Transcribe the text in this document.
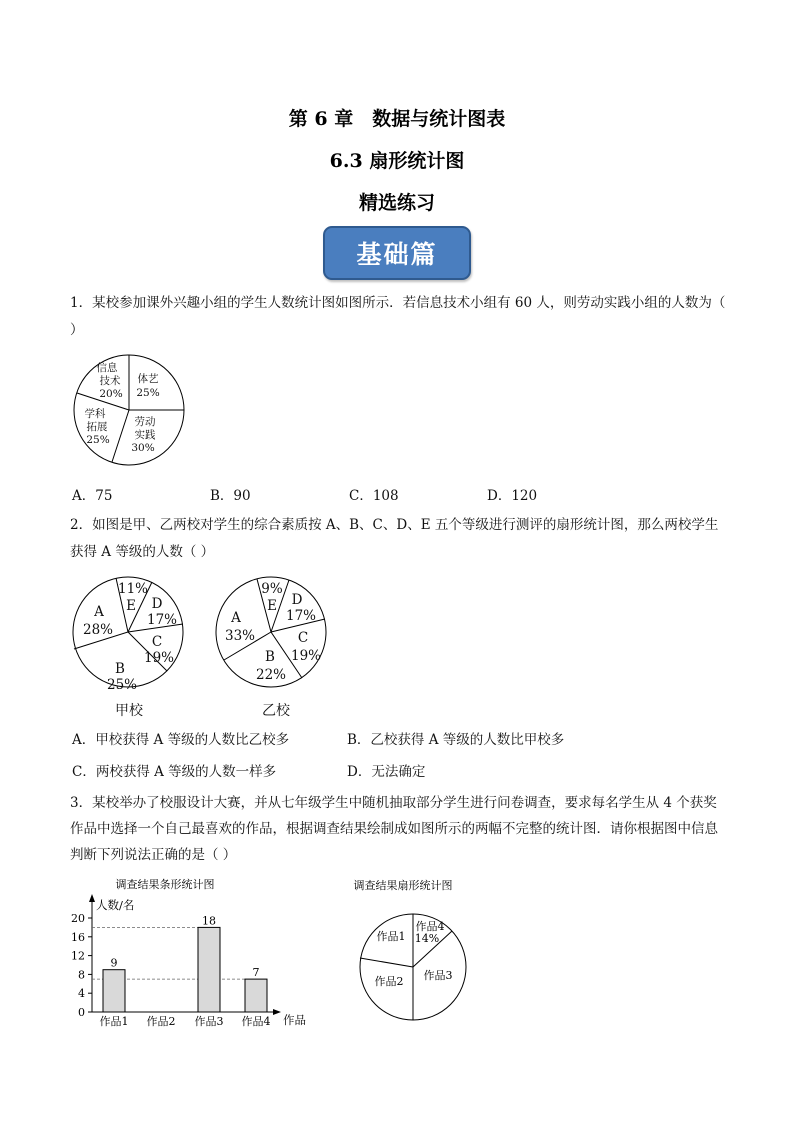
第 6 章　数据与统计图表
6.3 扇形统计图
精选练习
基础篇
1．某校参加课外兴趣小组的学生人数统计图如图所示．若信息技术小组有 60 人，则劳动实践小组的人数为（ ）
信息
技术
20%
体艺
25%
劳动
实践
30%
学科
拓展
25%
A．75	B．90	C．108	D．120
2．如图是甲、乙两校对学生的综合素质按 A、B、C、D、E 五个等级进行测评的扇形统计图，那么两校学生获得 A 等级的人数（ ）
A
28%
B
25%
C
19%
D
17%
11%
E
甲校
A
33%
B
22%
C
19%
D
17%
9%
E
乙校
A．甲校获得 A 等级的人数比乙校多	B．乙校获得 A 等级的人数比甲校多
C．两校获得 A 等级的人数一样多	D．无法确定
3．某校举办了校服设计大赛，并从七年级学生中随机抽取部分学生进行问卷调查，要求每名学生从 4 个获奖作品中选择一个自己最喜欢的作品，根据调查结果绘制成如图所示的两幅不完整的统计图．请你根据图中信息判断下列说法正确的是（ ）
调查结果条形统计图
人数/名
作品
0
4
8
12
16
20
9
18
7
作品1 作品2 作品3 作品4
调查结果扇形统计图
作品1
作品4
14%
作品2 作品3
